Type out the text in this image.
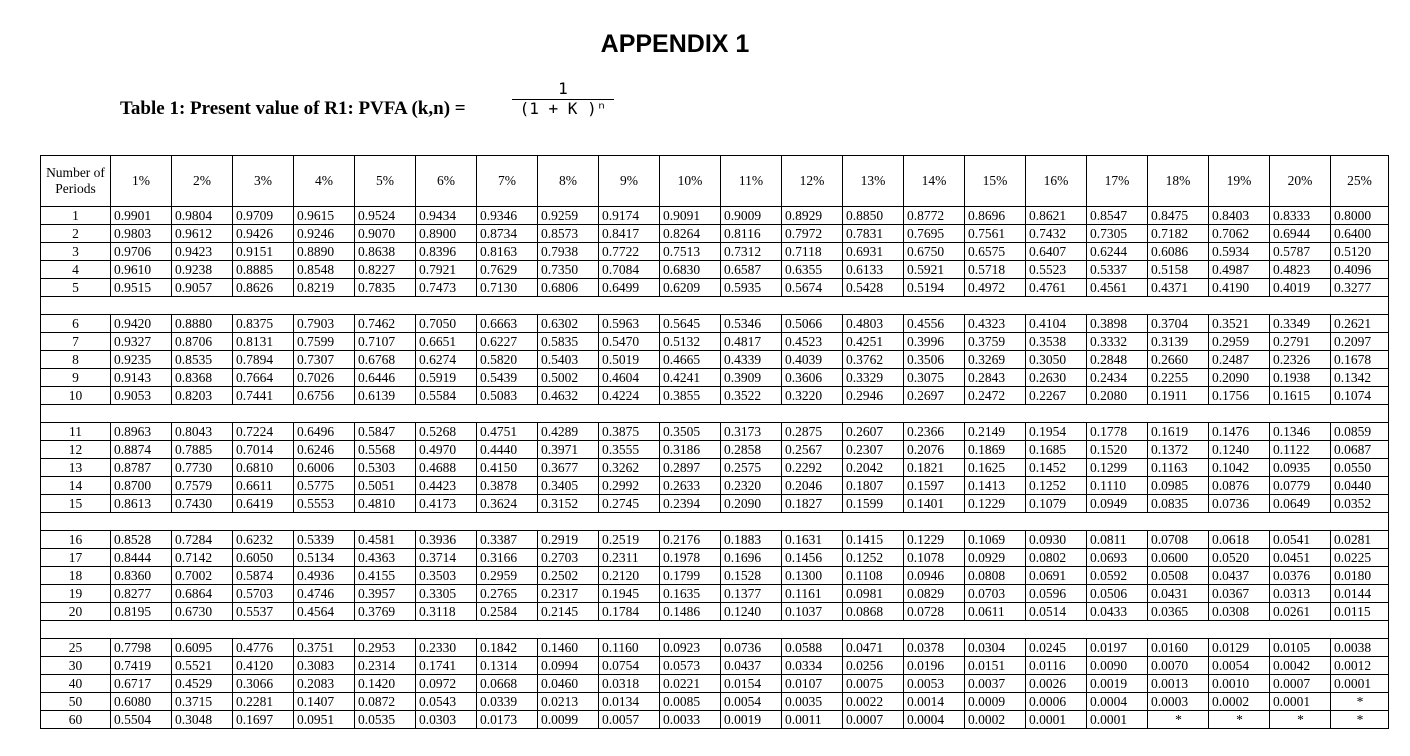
APPENDIX 1
Table 1: Present value of R1: PVFA (k,n) =
1
(1 + K )ⁿ
Number of Periods	1%	2%	3%	4%	5%	6%	7%	8%	9%	10%	11%	12%	13%	14%	15%	16%	17%	18%	19%	20%	25%
1	0.9901	0.9804	0.9709	0.9615	0.9524	0.9434	0.9346	0.9259	0.9174	0.9091	0.9009	0.8929	0.8850	0.8772	0.8696	0.8621	0.8547	0.8475	0.8403	0.8333	0.8000
2	0.9803	0.9612	0.9426	0.9246	0.9070	0.8900	0.8734	0.8573	0.8417	0.8264	0.8116	0.7972	0.7831	0.7695	0.7561	0.7432	0.7305	0.7182	0.7062	0.6944	0.6400
3	0.9706	0.9423	0.9151	0.8890	0.8638	0.8396	0.8163	0.7938	0.7722	0.7513	0.7312	0.7118	0.6931	0.6750	0.6575	0.6407	0.6244	0.6086	0.5934	0.5787	0.5120
4	0.9610	0.9238	0.8885	0.8548	0.8227	0.7921	0.7629	0.7350	0.7084	0.6830	0.6587	0.6355	0.6133	0.5921	0.5718	0.5523	0.5337	0.5158	0.4987	0.4823	0.4096
5	0.9515	0.9057	0.8626	0.8219	0.7835	0.7473	0.7130	0.6806	0.6499	0.6209	0.5935	0.5674	0.5428	0.5194	0.4972	0.4761	0.4561	0.4371	0.4190	0.4019	0.3277

6	0.9420	0.8880	0.8375	0.7903	0.7462	0.7050	0.6663	0.6302	0.5963	0.5645	0.5346	0.5066	0.4803	0.4556	0.4323	0.4104	0.3898	0.3704	0.3521	0.3349	0.2621
7	0.9327	0.8706	0.8131	0.7599	0.7107	0.6651	0.6227	0.5835	0.5470	0.5132	0.4817	0.4523	0.4251	0.3996	0.3759	0.3538	0.3332	0.3139	0.2959	0.2791	0.2097
8	0.9235	0.8535	0.7894	0.7307	0.6768	0.6274	0.5820	0.5403	0.5019	0.4665	0.4339	0.4039	0.3762	0.3506	0.3269	0.3050	0.2848	0.2660	0.2487	0.2326	0.1678
9	0.9143	0.8368	0.7664	0.7026	0.6446	0.5919	0.5439	0.5002	0.4604	0.4241	0.3909	0.3606	0.3329	0.3075	0.2843	0.2630	0.2434	0.2255	0.2090	0.1938	0.1342
10	0.9053	0.8203	0.7441	0.6756	0.6139	0.5584	0.5083	0.4632	0.4224	0.3855	0.3522	0.3220	0.2946	0.2697	0.2472	0.2267	0.2080	0.1911	0.1756	0.1615	0.1074

11	0.8963	0.8043	0.7224	0.6496	0.5847	0.5268	0.4751	0.4289	0.3875	0.3505	0.3173	0.2875	0.2607	0.2366	0.2149	0.1954	0.1778	0.1619	0.1476	0.1346	0.0859
12	0.8874	0.7885	0.7014	0.6246	0.5568	0.4970	0.4440	0.3971	0.3555	0.3186	0.2858	0.2567	0.2307	0.2076	0.1869	0.1685	0.1520	0.1372	0.1240	0.1122	0.0687
13	0.8787	0.7730	0.6810	0.6006	0.5303	0.4688	0.4150	0.3677	0.3262	0.2897	0.2575	0.2292	0.2042	0.1821	0.1625	0.1452	0.1299	0.1163	0.1042	0.0935	0.0550
14	0.8700	0.7579	0.6611	0.5775	0.5051	0.4423	0.3878	0.3405	0.2992	0.2633	0.2320	0.2046	0.1807	0.1597	0.1413	0.1252	0.1110	0.0985	0.0876	0.0779	0.0440
15	0.8613	0.7430	0.6419	0.5553	0.4810	0.4173	0.3624	0.3152	0.2745	0.2394	0.2090	0.1827	0.1599	0.1401	0.1229	0.1079	0.0949	0.0835	0.0736	0.0649	0.0352

16	0.8528	0.7284	0.6232	0.5339	0.4581	0.3936	0.3387	0.2919	0.2519	0.2176	0.1883	0.1631	0.1415	0.1229	0.1069	0.0930	0.0811	0.0708	0.0618	0.0541	0.0281
17	0.8444	0.7142	0.6050	0.5134	0.4363	0.3714	0.3166	0.2703	0.2311	0.1978	0.1696	0.1456	0.1252	0.1078	0.0929	0.0802	0.0693	0.0600	0.0520	0.0451	0.0225
18	0.8360	0.7002	0.5874	0.4936	0.4155	0.3503	0.2959	0.2502	0.2120	0.1799	0.1528	0.1300	0.1108	0.0946	0.0808	0.0691	0.0592	0.0508	0.0437	0.0376	0.0180
19	0.8277	0.6864	0.5703	0.4746	0.3957	0.3305	0.2765	0.2317	0.1945	0.1635	0.1377	0.1161	0.0981	0.0829	0.0703	0.0596	0.0506	0.0431	0.0367	0.0313	0.0144
20	0.8195	0.6730	0.5537	0.4564	0.3769	0.3118	0.2584	0.2145	0.1784	0.1486	0.1240	0.1037	0.0868	0.0728	0.0611	0.0514	0.0433	0.0365	0.0308	0.0261	0.0115

25	0.7798	0.6095	0.4776	0.3751	0.2953	0.2330	0.1842	0.1460	0.1160	0.0923	0.0736	0.0588	0.0471	0.0378	0.0304	0.0245	0.0197	0.0160	0.0129	0.0105	0.0038
30	0.7419	0.5521	0.4120	0.3083	0.2314	0.1741	0.1314	0.0994	0.0754	0.0573	0.0437	0.0334	0.0256	0.0196	0.0151	0.0116	0.0090	0.0070	0.0054	0.0042	0.0012
40	0.6717	0.4529	0.3066	0.2083	0.1420	0.0972	0.0668	0.0460	0.0318	0.0221	0.0154	0.0107	0.0075	0.0053	0.0037	0.0026	0.0019	0.0013	0.0010	0.0007	0.0001
50	0.6080	0.3715	0.2281	0.1407	0.0872	0.0543	0.0339	0.0213	0.0134	0.0085	0.0054	0.0035	0.0022	0.0014	0.0009	0.0006	0.0004	0.0003	0.0002	0.0001	*
60	0.5504	0.3048	0.1697	0.0951	0.0535	0.0303	0.0173	0.0099	0.0057	0.0033	0.0019	0.0011	0.0007	0.0004	0.0002	0.0001	0.0001	*	*	*	*
